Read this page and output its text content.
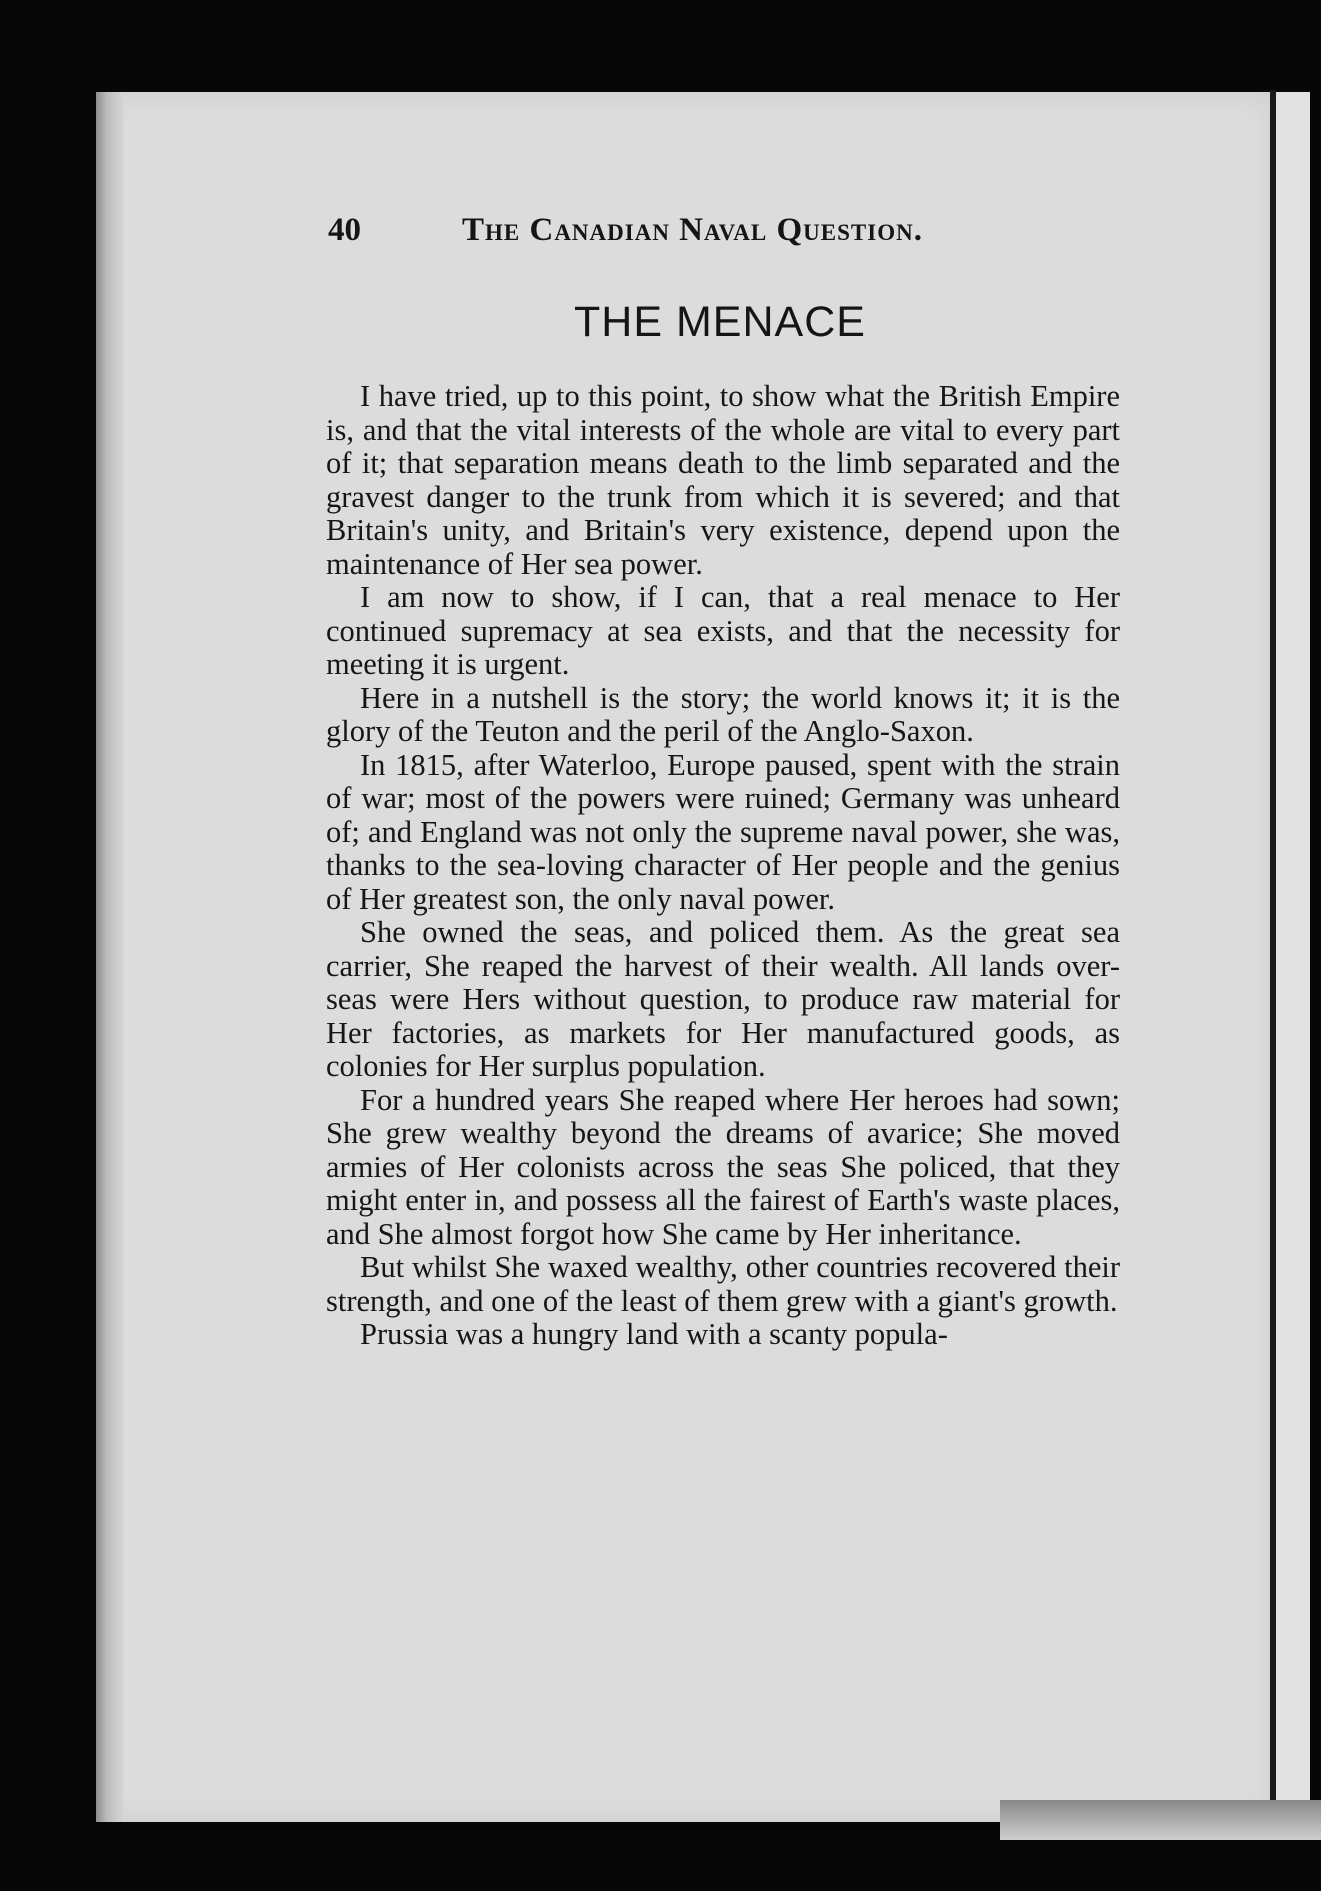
40	The Canadian Naval Question.
THE MENACE

I have tried, up to this point, to show what the British Empire is, and that the vital interests of the whole are vital to every part of it; that separation means death to the limb separated and the gravest danger to the trunk from which it is severed; and that Britain's unity, and Britain's very existence, depend upon the maintenance of Her sea power.

I am now to show, if I can, that a real menace to Her continued supremacy at sea exists, and that the necessity for meeting it is urgent.

Here in a nutshell is the story; the world knows it; it is the glory of the Teuton and the peril of the Anglo-Saxon.

In 1815, after Waterloo, Europe paused, spent with the strain of war; most of the powers were ruined; Germany was unheard of; and England was not only the supreme naval power, she was, thanks to the sea-loving character of Her people and the genius of Her greatest son, the only naval power.

She owned the seas, and policed them. As the great sea carrier, She reaped the harvest of their wealth. All lands over-seas were Hers without question, to produce raw material for Her factories, as markets for Her manufactured goods, as colonies for Her surplus population.

For a hundred years She reaped where Her heroes had sown; She grew wealthy beyond the dreams of avarice; She moved armies of Her colonists across the seas She policed, that they might enter in, and possess all the fairest of Earth's waste places, and She almost forgot how She came by Her inheritance.

But whilst She waxed wealthy, other countries recovered their strength, and one of the least of them grew with a giant's growth.

Prussia was a hungry land with a scanty popula-
